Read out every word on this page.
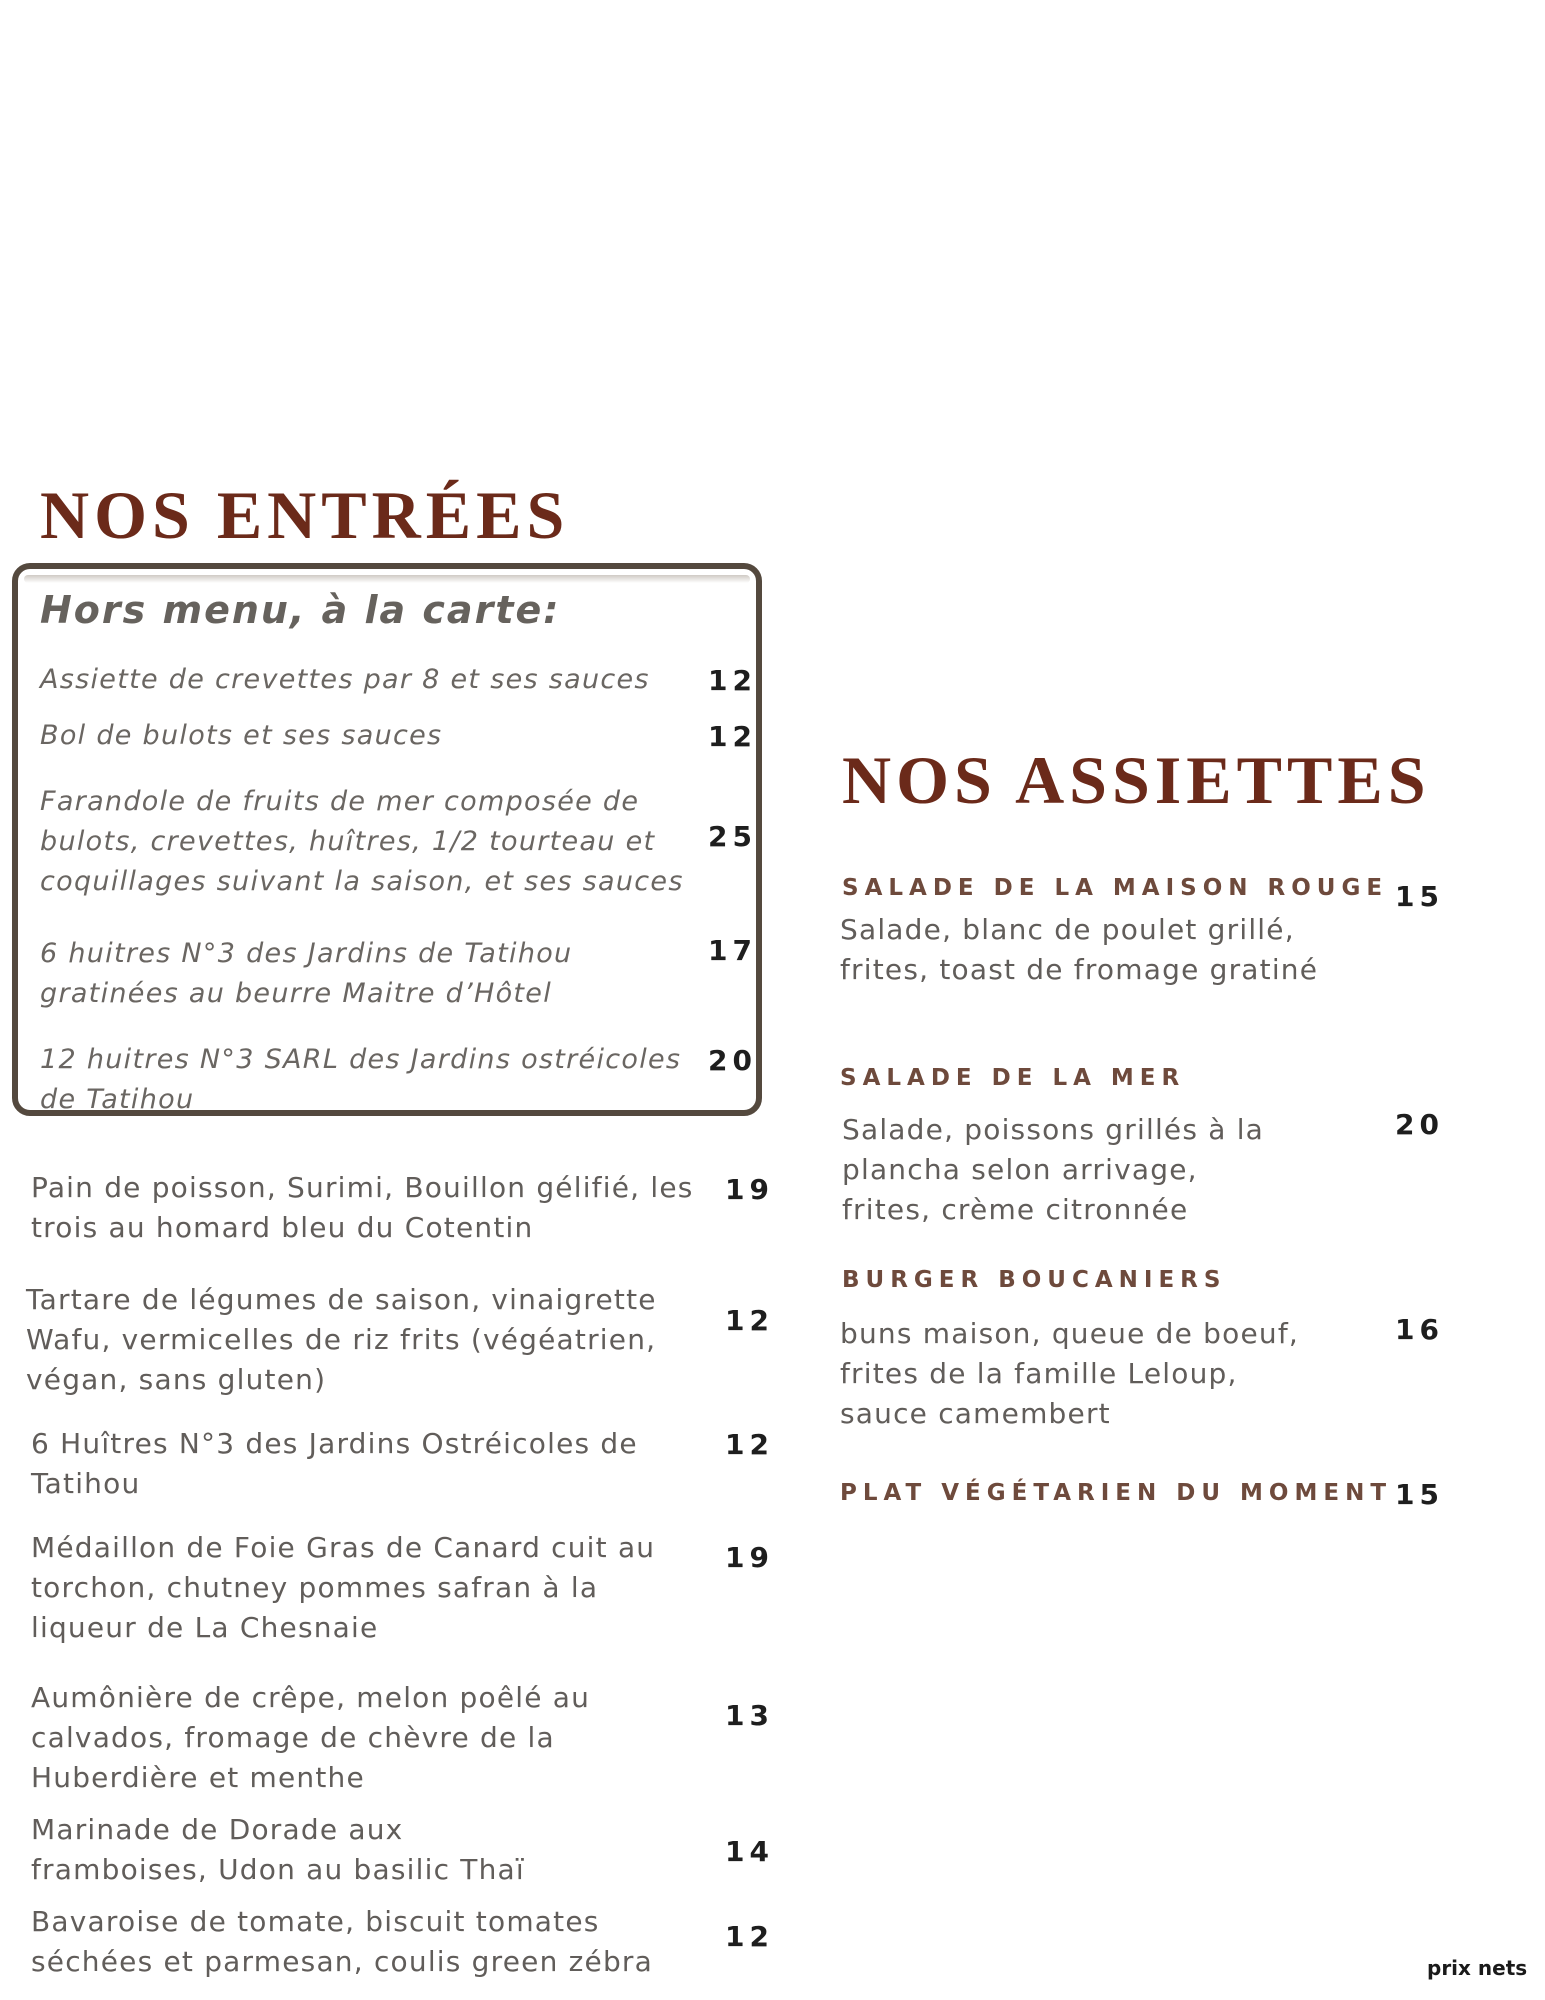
NOS ENTRÉES
Hors menu, à la carte:
Assiette de crevettes par 8 et ses sauces	12
Bol de bulots et ses sauces	12
Farandole de fruits de mer composée de bulots, crevettes, huîtres, 1/2 tourteau et coquillages suivant la saison, et ses sauces
25
6 huitres N°3 des Jardins de Tatihou gratinées au beurre Maitre d’Hôtel
17
12 huitres N°3 SARL des Jardins ostréicoles de Tatihou
20
Pain de poisson, Surimi, Bouillon gélifié, les trois au homard bleu du Cotentin
19
Tartare de légumes de saison, vinaigrette Wafu, vermicelles de riz frits (végéatrien, végan, sans gluten)
12
6 Huîtres N°3 des Jardins Ostréicoles de Tatihou
12
Médaillon de Foie Gras de Canard cuit au torchon, chutney pommes safran à la liqueur de La Chesnaie
19
Aumônière de crêpe, melon poêlé au calvados, fromage de chèvre de la Huberdière et menthe
13
Marinade de Dorade aux framboises, Udon au basilic Thaï
14
Bavaroise de tomate, biscuit tomates séchées et parmesan, coulis green zébra
12
NOS ASSIETTES
SALADE DE LA MAISON ROUGE 15
Salade, blanc de poulet grillé, frites, toast de fromage gratiné
SALADE DE LA MER
20
Salade, poissons grillés à la plancha selon arrivage, frites, crème citronnée
BURGER BOUCANIERS
16
buns maison, queue de boeuf, frites de la famille Leloup, sauce camembert
PLAT VÉGÉTARIEN DU MOMENT 15
prix nets
